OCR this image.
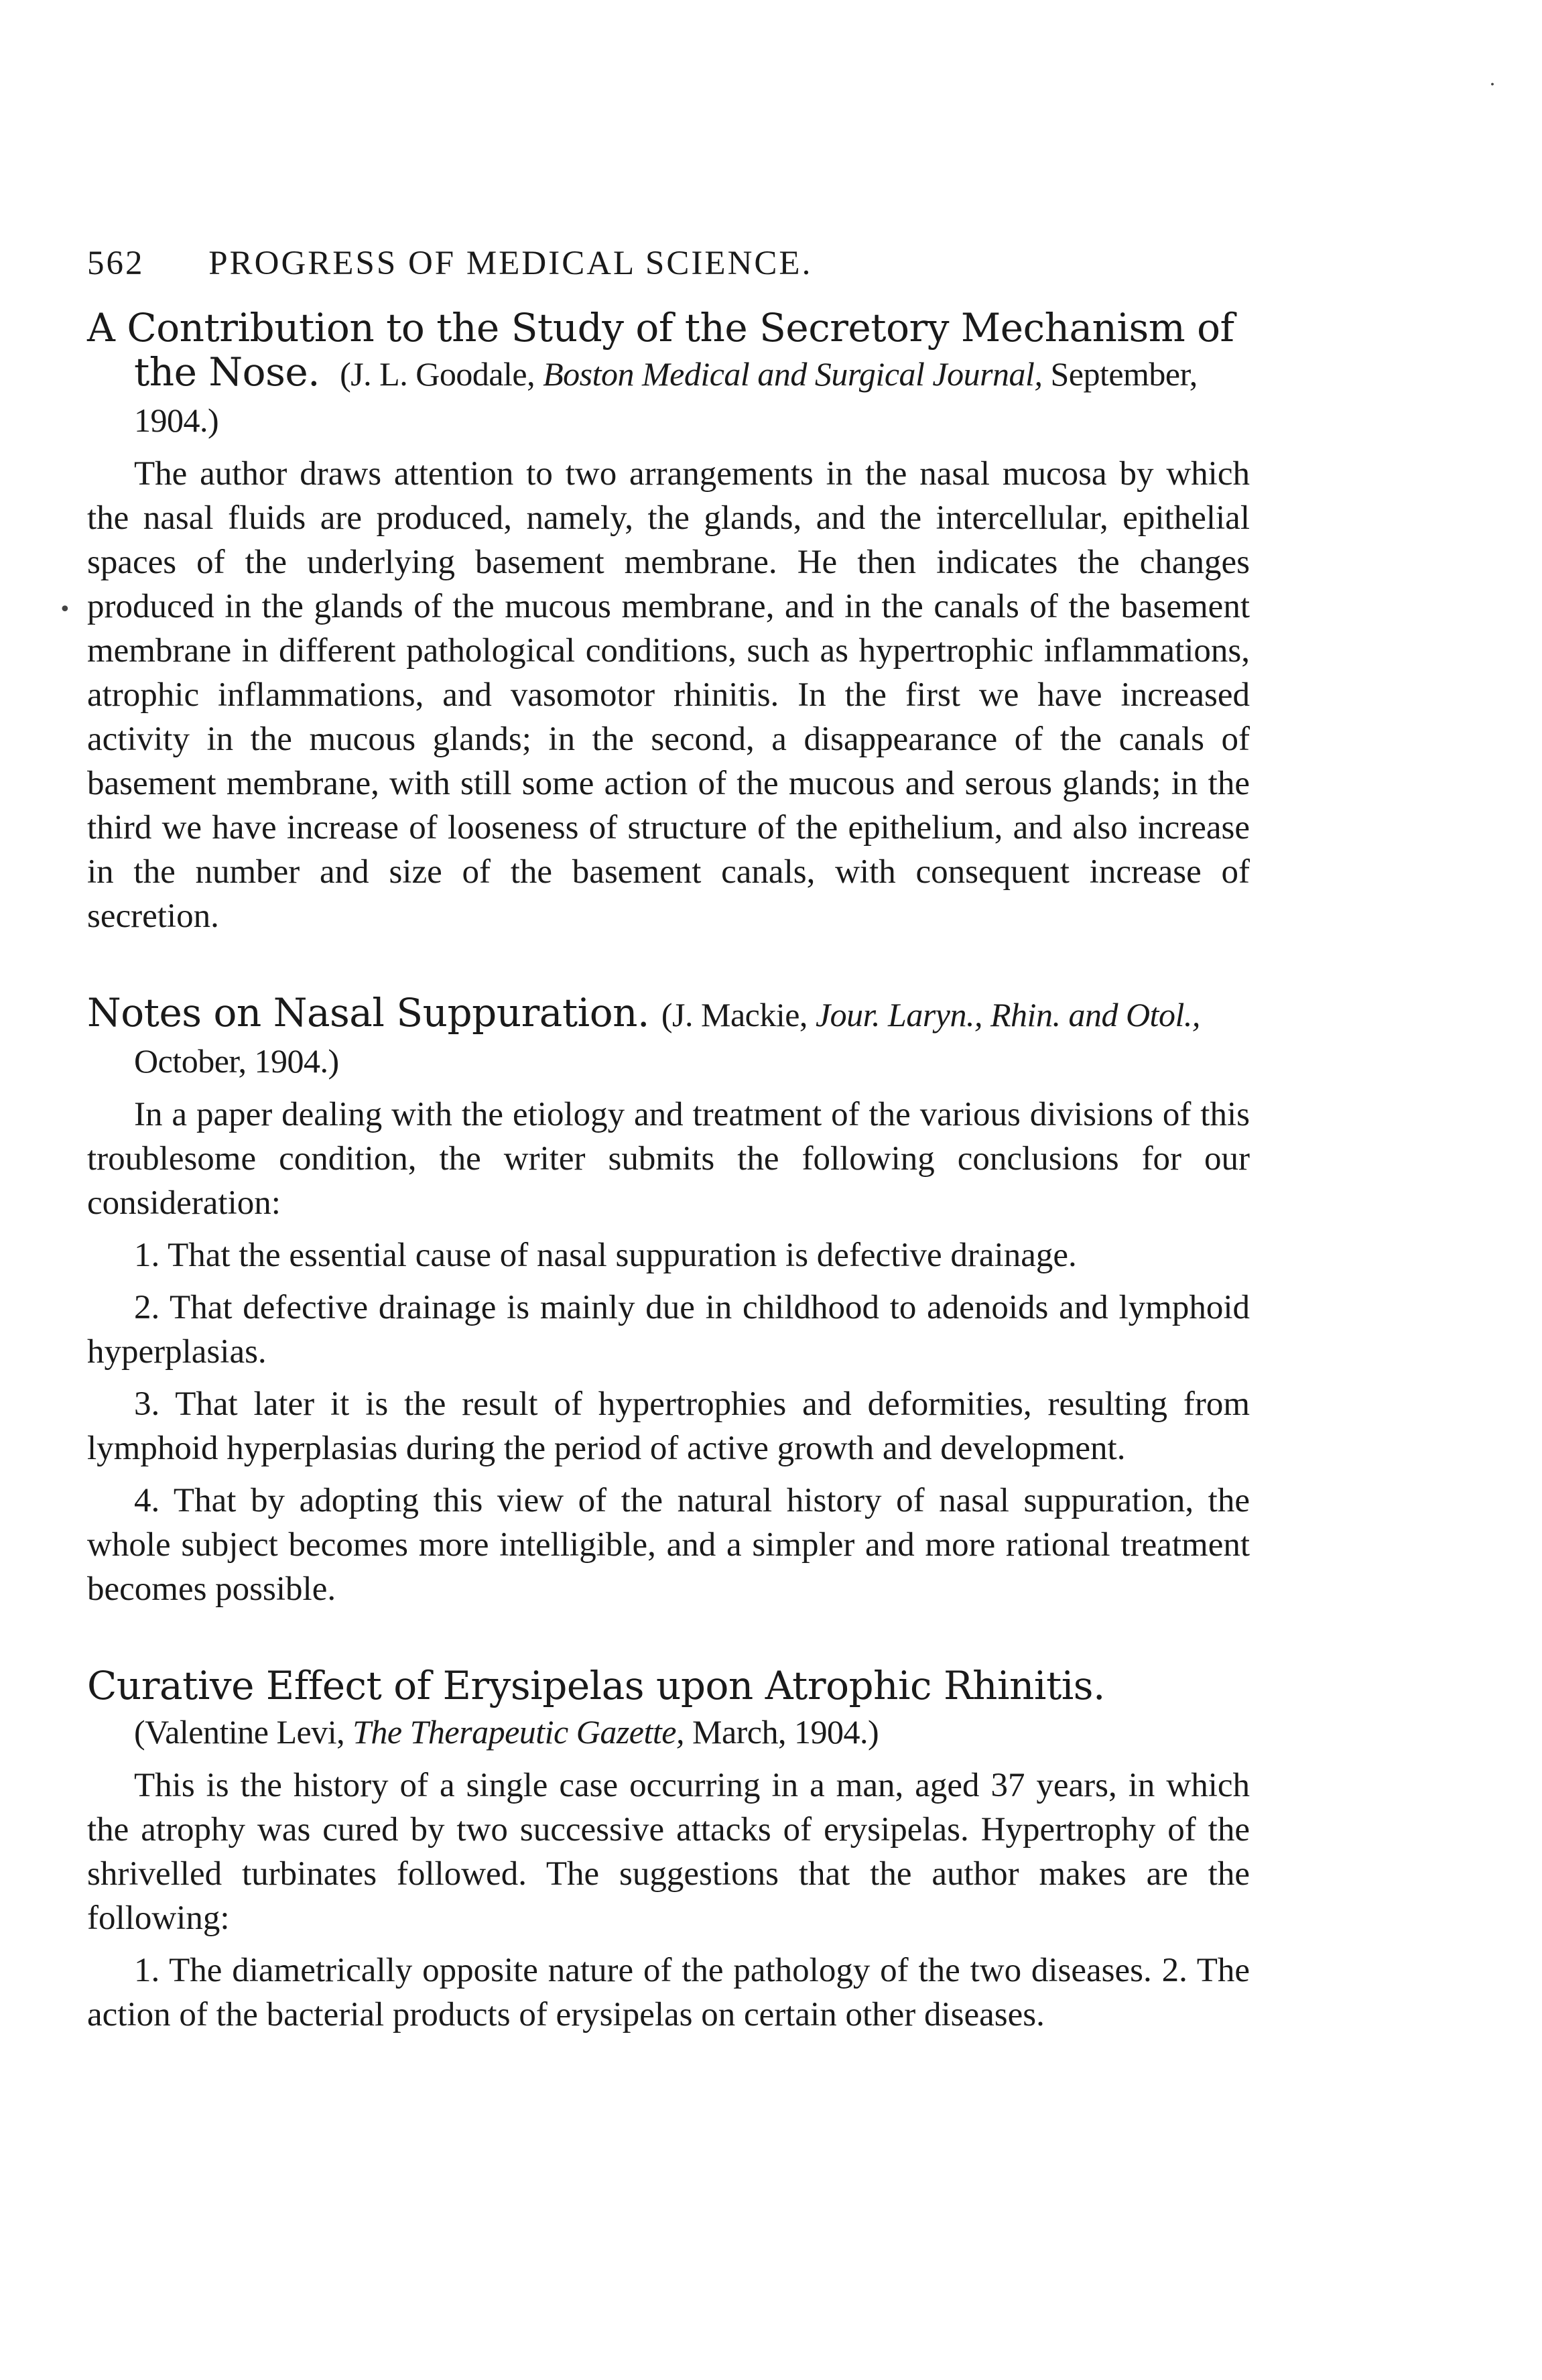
․
•
562 PROGRESS OF MEDICAL SCIENCE.
A Contribution to the Study of the Secretory Mechanism of the Nose. (J. L. Goodale, Boston Medical and Surgical Journal, September, 1904.)

The author draws attention to two arrangements in the nasal mucosa by which the nasal fluids are produced, namely, the glands, and the intercellular, epithelial spaces of the underlying basement membrane. He then indicates the changes produced in the glands of the mucous membrane, and in the canals of the basement membrane in different pathological conditions, such as hypertrophic inflammations, atrophic inflammations, and vasomotor rhinitis. In the first we have increased activity in the mucous glands; in the second, a disappearance of the canals of basement membrane, with still some action of the mucous and serous glands; in the third we have increase of looseness of structure of the epithelium, and also increase in the number and size of the basement canals, with consequent increase of secretion.

Notes on Nasal Suppuration. (J. Mackie, Jour. Laryn., Rhin. and Otol., October, 1904.)

In a paper dealing with the etiology and treatment of the various divisions of this troublesome condition, the writer submits the following conclusions for our consideration:

1. That the essential cause of nasal suppuration is defective drainage.

2. That defective drainage is mainly due in childhood to adenoids and lymphoid hyperplasias.

3. That later it is the result of hypertrophies and deformities, resulting from lymphoid hyperplasias during the period of active growth and development.

4. That by adopting this view of the natural history of nasal suppuration, the whole subject becomes more intelligible, and a simpler and more rational treatment becomes possible.

Curative Effect of Erysipelas upon Atrophic Rhinitis. (Valentine Levi, The Therapeutic Gazette, March, 1904.)

This is the history of a single case occurring in a man, aged 37 years, in which the atrophy was cured by two successive attacks of erysipelas. Hypertrophy of the shrivelled turbinates followed. The suggestions that the author makes are the following:

1. The diametrically opposite nature of the pathology of the two diseases. 2. The action of the bacterial products of erysipelas on certain other diseases.
